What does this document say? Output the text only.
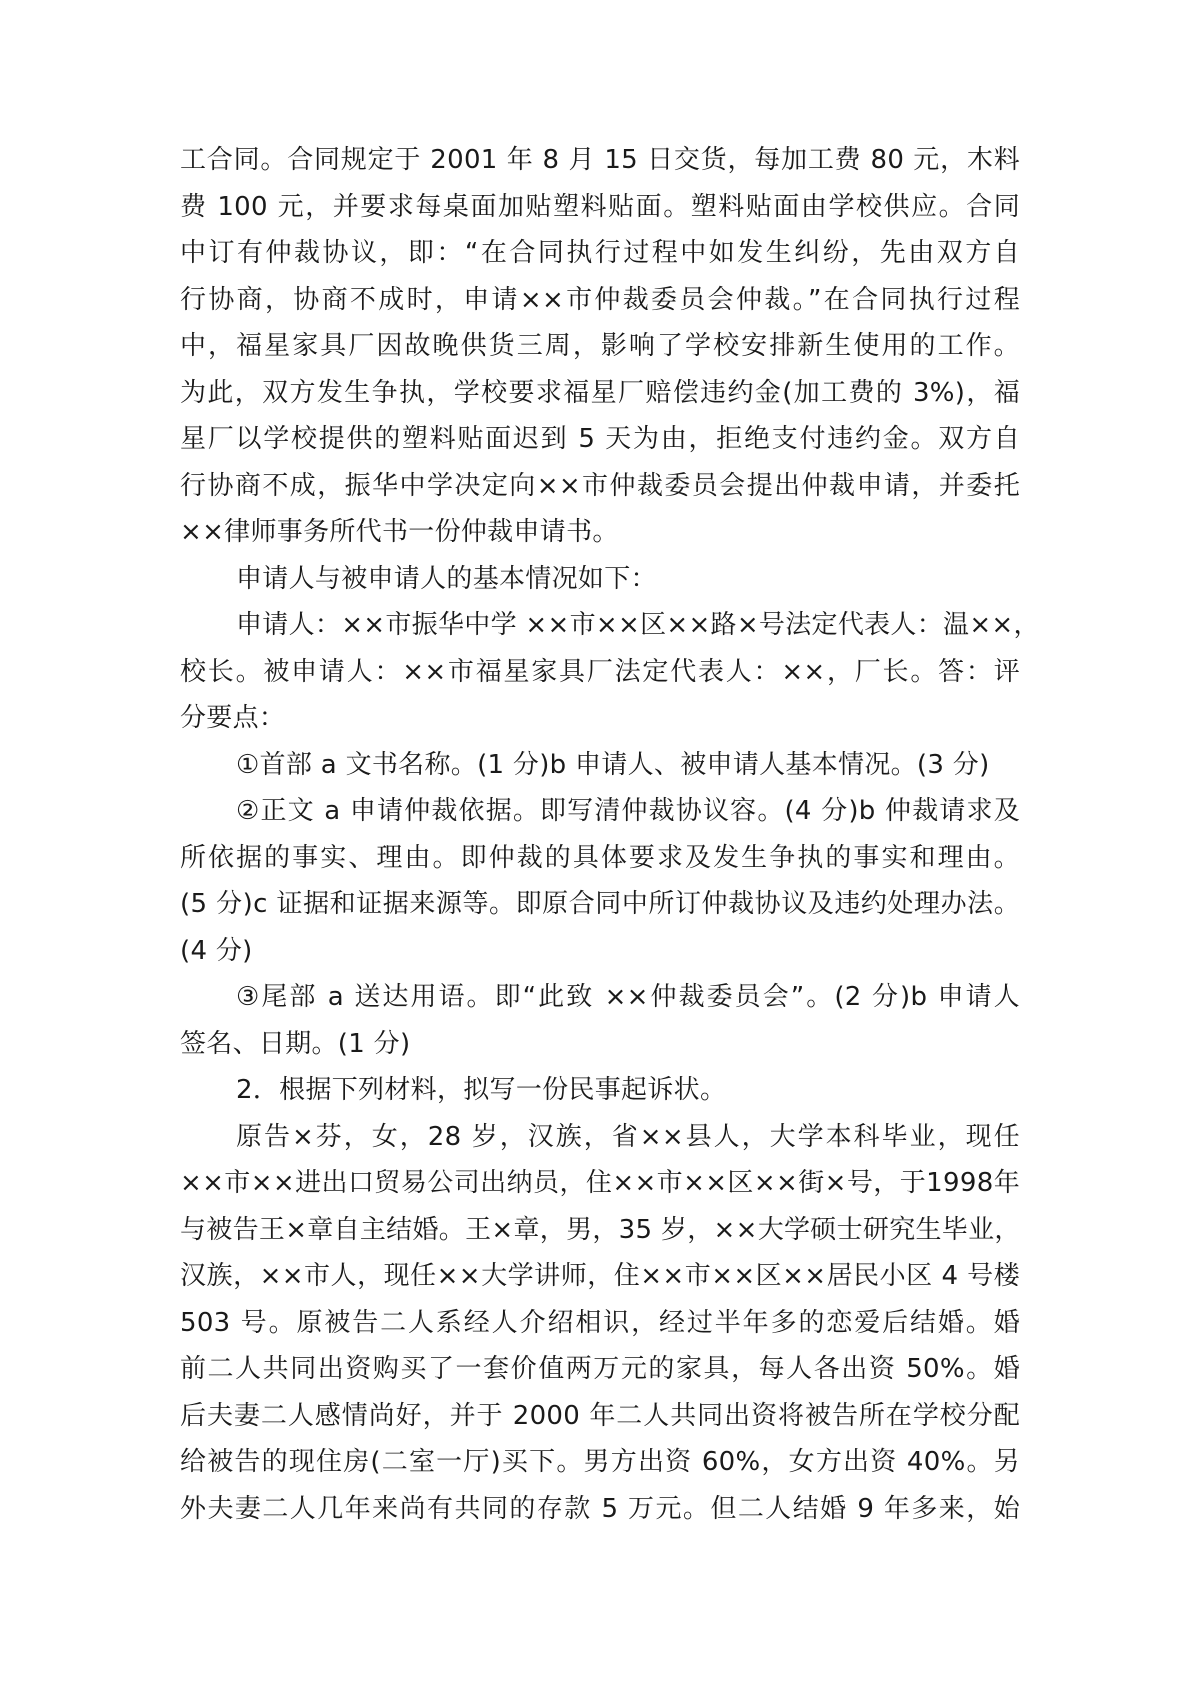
工合同。合同规定于 2001 年 8 月 15 日交货，每加工费 80 元，木料
费 100 元，并要求每桌面加贴塑料贴面。塑料贴面由学校供应。合同
中订有仲裁协议，即：“在合同执行过程中如发生纠纷，先由双方自
行协商，协商不成时，申请××市仲裁委员会仲裁。”在合同执行过程
中，福星家具厂因故晚供货三周，影响了学校安排新生使用的工作。
为此，双方发生争执，学校要求福星厂赔偿违约金(加工费的 3%)，福
星厂以学校提供的塑料贴面迟到 5 天为由，拒绝支付违约金。双方自
行协商不成，振华中学决定向××市仲裁委员会提出仲裁申请，并委托
××律师事务所代书一份仲裁申请书。
申请人与被申请人的基本情况如下：
申请人：××市振华中学 ××市××区××路×号法定代表人：温××，
校长。被申请人：××市福星家具厂法定代表人：××，厂长。答：评
分要点：
①首部 a 文书名称。(1 分)b 申请人、被申请人基本情况。(3 分)
②正文 a 申请仲裁依据。即写清仲裁协议容。(4 分)b 仲裁请求及
所依据的事实、理由。即仲裁的具体要求及发生争执的事实和理由。
(5 分)c 证据和证据来源等。即原合同中所订仲裁协议及违约处理办法。
(4 分)
③尾部 a 送达用语。即“此致 ××仲裁委员会”。(2 分)b 申请人
签名、日期。(1 分)
2．根据下列材料，拟写一份民事起诉状。
原告×芬，女，28 岁，汉族，省××县人，大学本科毕业，现任
××市××进出口贸易公司出纳员，住××市××区××街×号，于1998年
与被告王×章自主结婚。王×章，男，35 岁，××大学硕士研究生毕业，
汉族，××市人，现任××大学讲师，住××市××区××居民小区 4 号楼
503 号。原被告二人系经人介绍相识，经过半年多的恋爱后结婚。婚
前二人共同出资购买了一套价值两万元的家具，每人各出资 50%。婚
后夫妻二人感情尚好，并于 2000 年二人共同出资将被告所在学校分配
给被告的现住房(二室一厅)买下。男方出资 60%，女方出资 40%。另
外夫妻二人几年来尚有共同的存款 5 万元。但二人结婚 9 年多来，始
